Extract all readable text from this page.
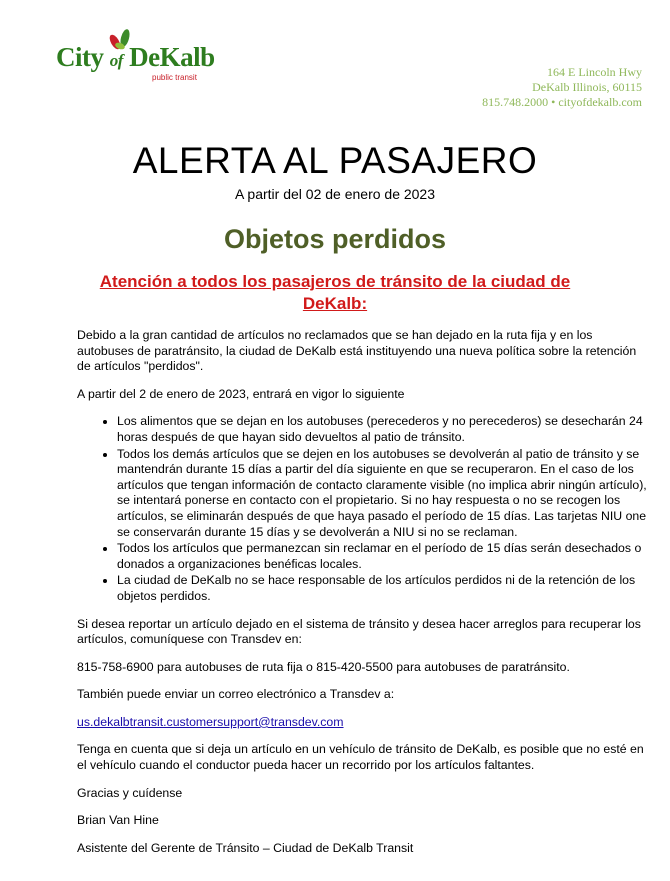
City of DeKalb
public transit	164 E Lincoln Hwy
DeKalb Illinois, 60115
815.748.2000 • cityofdekalb.com
ALERTA AL PASAJERO
A partir del 02 de enero de 2023
Objetos perdidos
Atención a todos los pasajeros de tránsito de la ciudad de DeKalb:

Debido a la gran cantidad de artículos no reclamados que se han dejado en la ruta fija y en los autobuses de paratránsito, la ciudad de DeKalb está instituyendo una nueva política sobre la retención de artículos "perdidos".

A partir del 2 de enero de 2023, entrará en vigor lo siguiente

• Los alimentos que se dejan en los autobuses (perecederos y no perecederos) se desecharán 24 horas después de que hayan sido devueltos al patio de tránsito.
• Todos los demás artículos que se dejen en los autobuses se devolverán al patio de tránsito y se mantendrán durante 15 días a partir del día siguiente en que se recuperaron. En el caso de los artículos que tengan información de contacto claramente visible (no implica abrir ningún artículo), se intentará ponerse en contacto con el propietario. Si no hay respuesta o no se recogen los artículos, se eliminarán después de que haya pasado el período de 15 días. Las tarjetas NIU one se conservarán durante 15 días y se devolverán a NIU si no se reclaman.
• Todos los artículos que permanezcan sin reclamar en el período de 15 días serán desechados o donados a organizaciones benéficas locales.
• La ciudad de DeKalb no se hace responsable de los artículos perdidos ni de la retención de los objetos perdidos.

Si desea reportar un artículo dejado en el sistema de tránsito y desea hacer arreglos para recuperar los artículos, comuníquese con Transdev en:

815-758-6900 para autobuses de ruta fija o 815-420-5500 para autobuses de paratránsito.

También puede enviar un correo electrónico a Transdev a:

us.dekalbtransit.customersupport@transdev.com

Tenga en cuenta que si deja un artículo en un vehículo de tránsito de DeKalb, es posible que no esté en el vehículo cuando el conductor pueda hacer un recorrido por los artículos faltantes.

Gracias y cuídense

Brian Van Hine

Asistente del Gerente de Tránsito – Ciudad de DeKalb Transit
